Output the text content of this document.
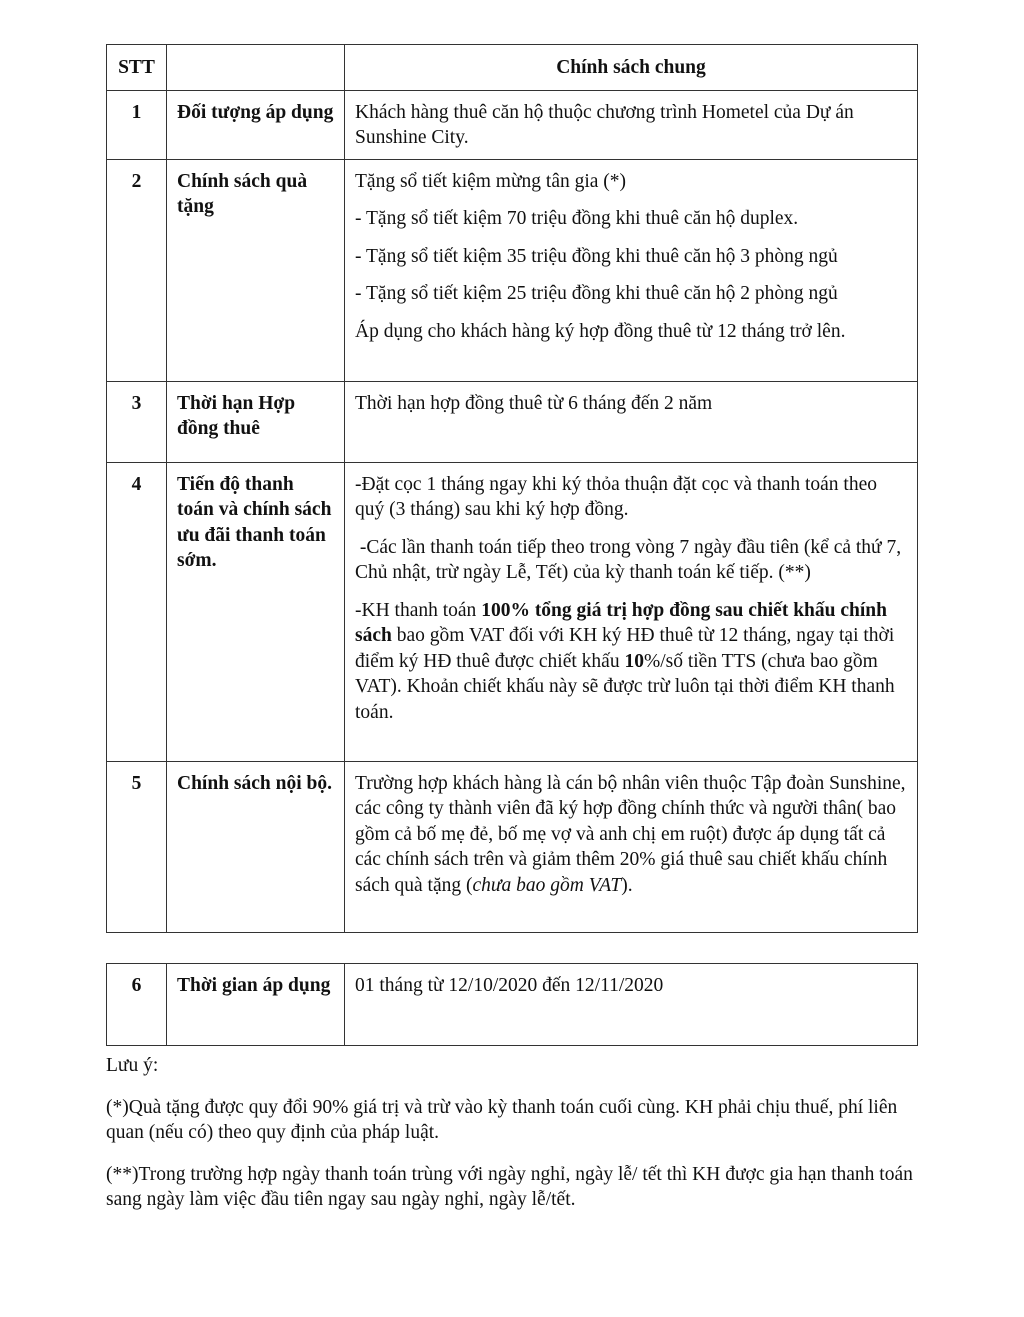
STT		Chính sách chung
1	Đối tượng áp dụng	Khách hàng thuê căn hộ thuộc chương trình Hometel của Dự án Sunshine City.

2	Chính sách quà tặng	Tặng sổ tiết kiệm mừng tân gia (*)

- Tặng sổ tiết kiệm 70 triệu đồng khi thuê căn hộ duplex.

- Tặng sổ tiết kiệm 35 triệu đồng khi thuê căn hộ 3 phòng ngủ

- Tặng sổ tiết kiệm 25 triệu đồng khi thuê căn hộ 2 phòng ngủ

Áp dụng cho khách hàng ký hợp đồng thuê từ 12 tháng trở lên.

3	Thời hạn Hợp đồng thuê	Thời hạn hợp đồng thuê từ 6 tháng đến 2 năm

4	Tiến độ thanh toán và chính sách ưu đãi thanh toán sớm.	-Đặt cọc 1 tháng ngay khi ký thỏa thuận đặt cọc và thanh toán theo quý (3 tháng) sau khi ký hợp đồng.

-Các lần thanh toán tiếp theo trong vòng 7 ngày đầu tiên (kể cả thứ 7, Chủ nhật, trừ ngày Lễ, Tết) của kỳ thanh toán kế tiếp. (**)

-KH thanh toán 100% tổng giá trị hợp đồng sau chiết khấu chính sách bao gồm VAT đối với KH ký HĐ thuê từ 12 tháng, ngay tại thời điểm ký HĐ thuê được chiết khấu 10%/số tiền TTS (chưa bao gồm VAT). Khoản chiết khấu này sẽ được trừ luôn tại thời điểm KH thanh toán.

5	Chính sách nội bộ.	Trường hợp khách hàng là cán bộ nhân viên thuộc Tập đoàn Sunshine, các công ty thành viên đã ký hợp đồng chính thức và người thân( bao gồm cả bố mẹ đẻ, bố mẹ vợ và anh chị em ruột) được áp dụng tất cả các chính sách trên và giảm thêm 20% giá thuê sau chiết khấu chính sách quà tặng (chưa bao gồm VAT).

6	Thời gian áp dụng	01 tháng từ 12/10/2020 đến 12/11/2020

Lưu ý:

(*)Quà tặng được quy đổi 90% giá trị và trừ vào kỳ thanh toán cuối cùng. KH phải chịu thuế, phí liên quan (nếu có) theo quy định của pháp luật.

(**)Trong trường hợp ngày thanh toán trùng với ngày nghỉ, ngày lễ/ tết thì KH được gia hạn thanh toán sang ngày làm việc đầu tiên ngay sau ngày nghỉ, ngày lễ/tết.
